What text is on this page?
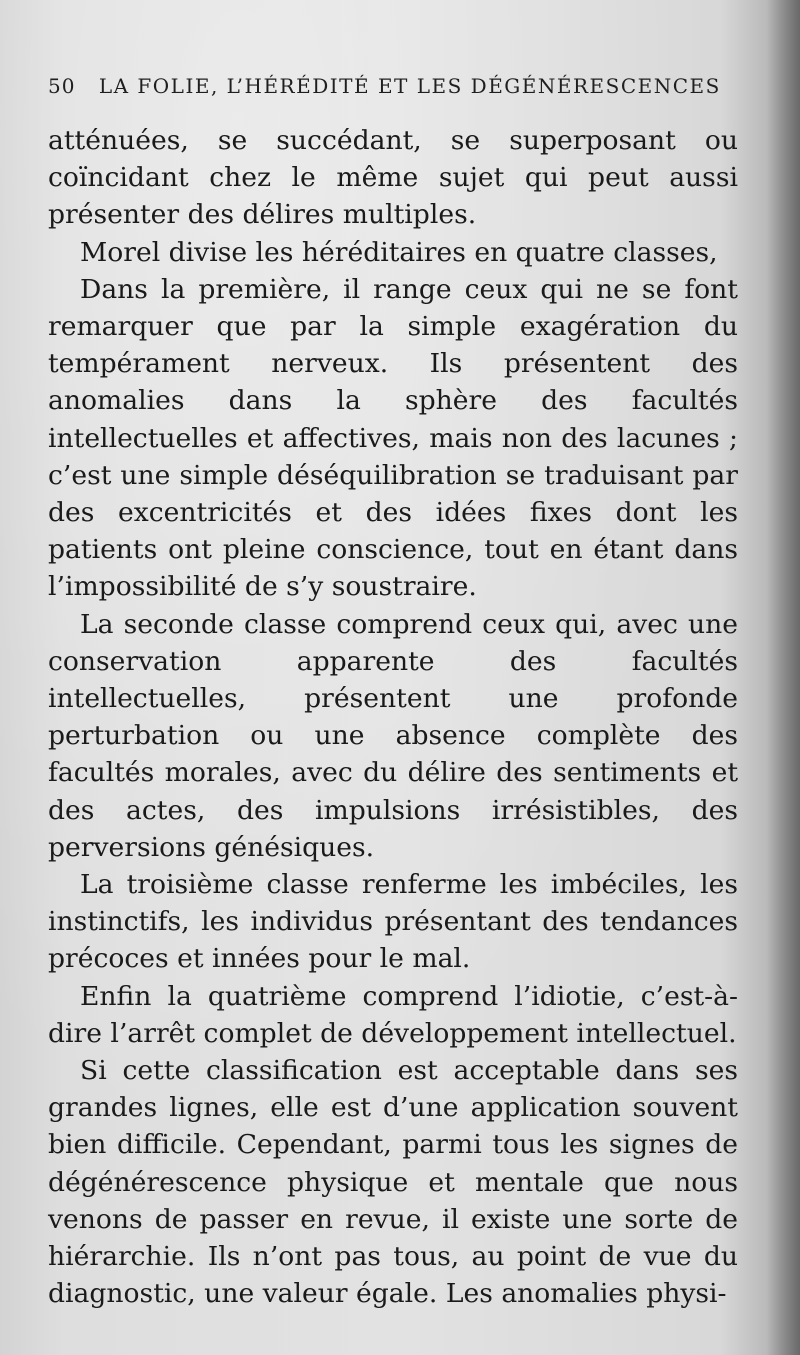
50 LA FOLIE, L’HÉRÉDITÉ ET LES DÉGÉNÉRESCENCES

atténuées, se succédant, se superposant ou coïncidant chez le même sujet qui peut aussi présenter des délires multiples.

Morel divise les héréditaires en quatre classes,

Dans la première, il range ceux qui ne se font remarquer que par la simple exagération du tempérament nerveux. Ils présentent des anomalies dans la sphère des facultés intellectuelles et affectives, mais non des lacunes ; c’est une simple déséquilibration se traduisant par des excentricités et des idées fixes dont les patients ont pleine conscience, tout en étant dans l’impossibilité de s’y soustraire.

La seconde classe comprend ceux qui, avec une conservation apparente des facultés intellectuelles, présentent une profonde perturbation ou une absence complète des facultés morales, avec du délire des sentiments et des actes, des impulsions irrésistibles, des perversions génésiques.

La troisième classe renferme les imbéciles, les instinctifs, les individus présentant des tendances précoces et innées pour le mal.

Enfin la quatrième comprend l’idiotie, c’est-à-dire l’arrêt complet de développement intellectuel.

Si cette classification est acceptable dans ses grandes lignes, elle est d’une application souvent bien difficile. Cependant, parmi tous les signes de dégénérescence physique et mentale que nous venons de passer en revue, il existe une sorte de hiérarchie. Ils n’ont pas tous, au point de vue du diagnostic, une valeur égale. Les anomalies physi-
